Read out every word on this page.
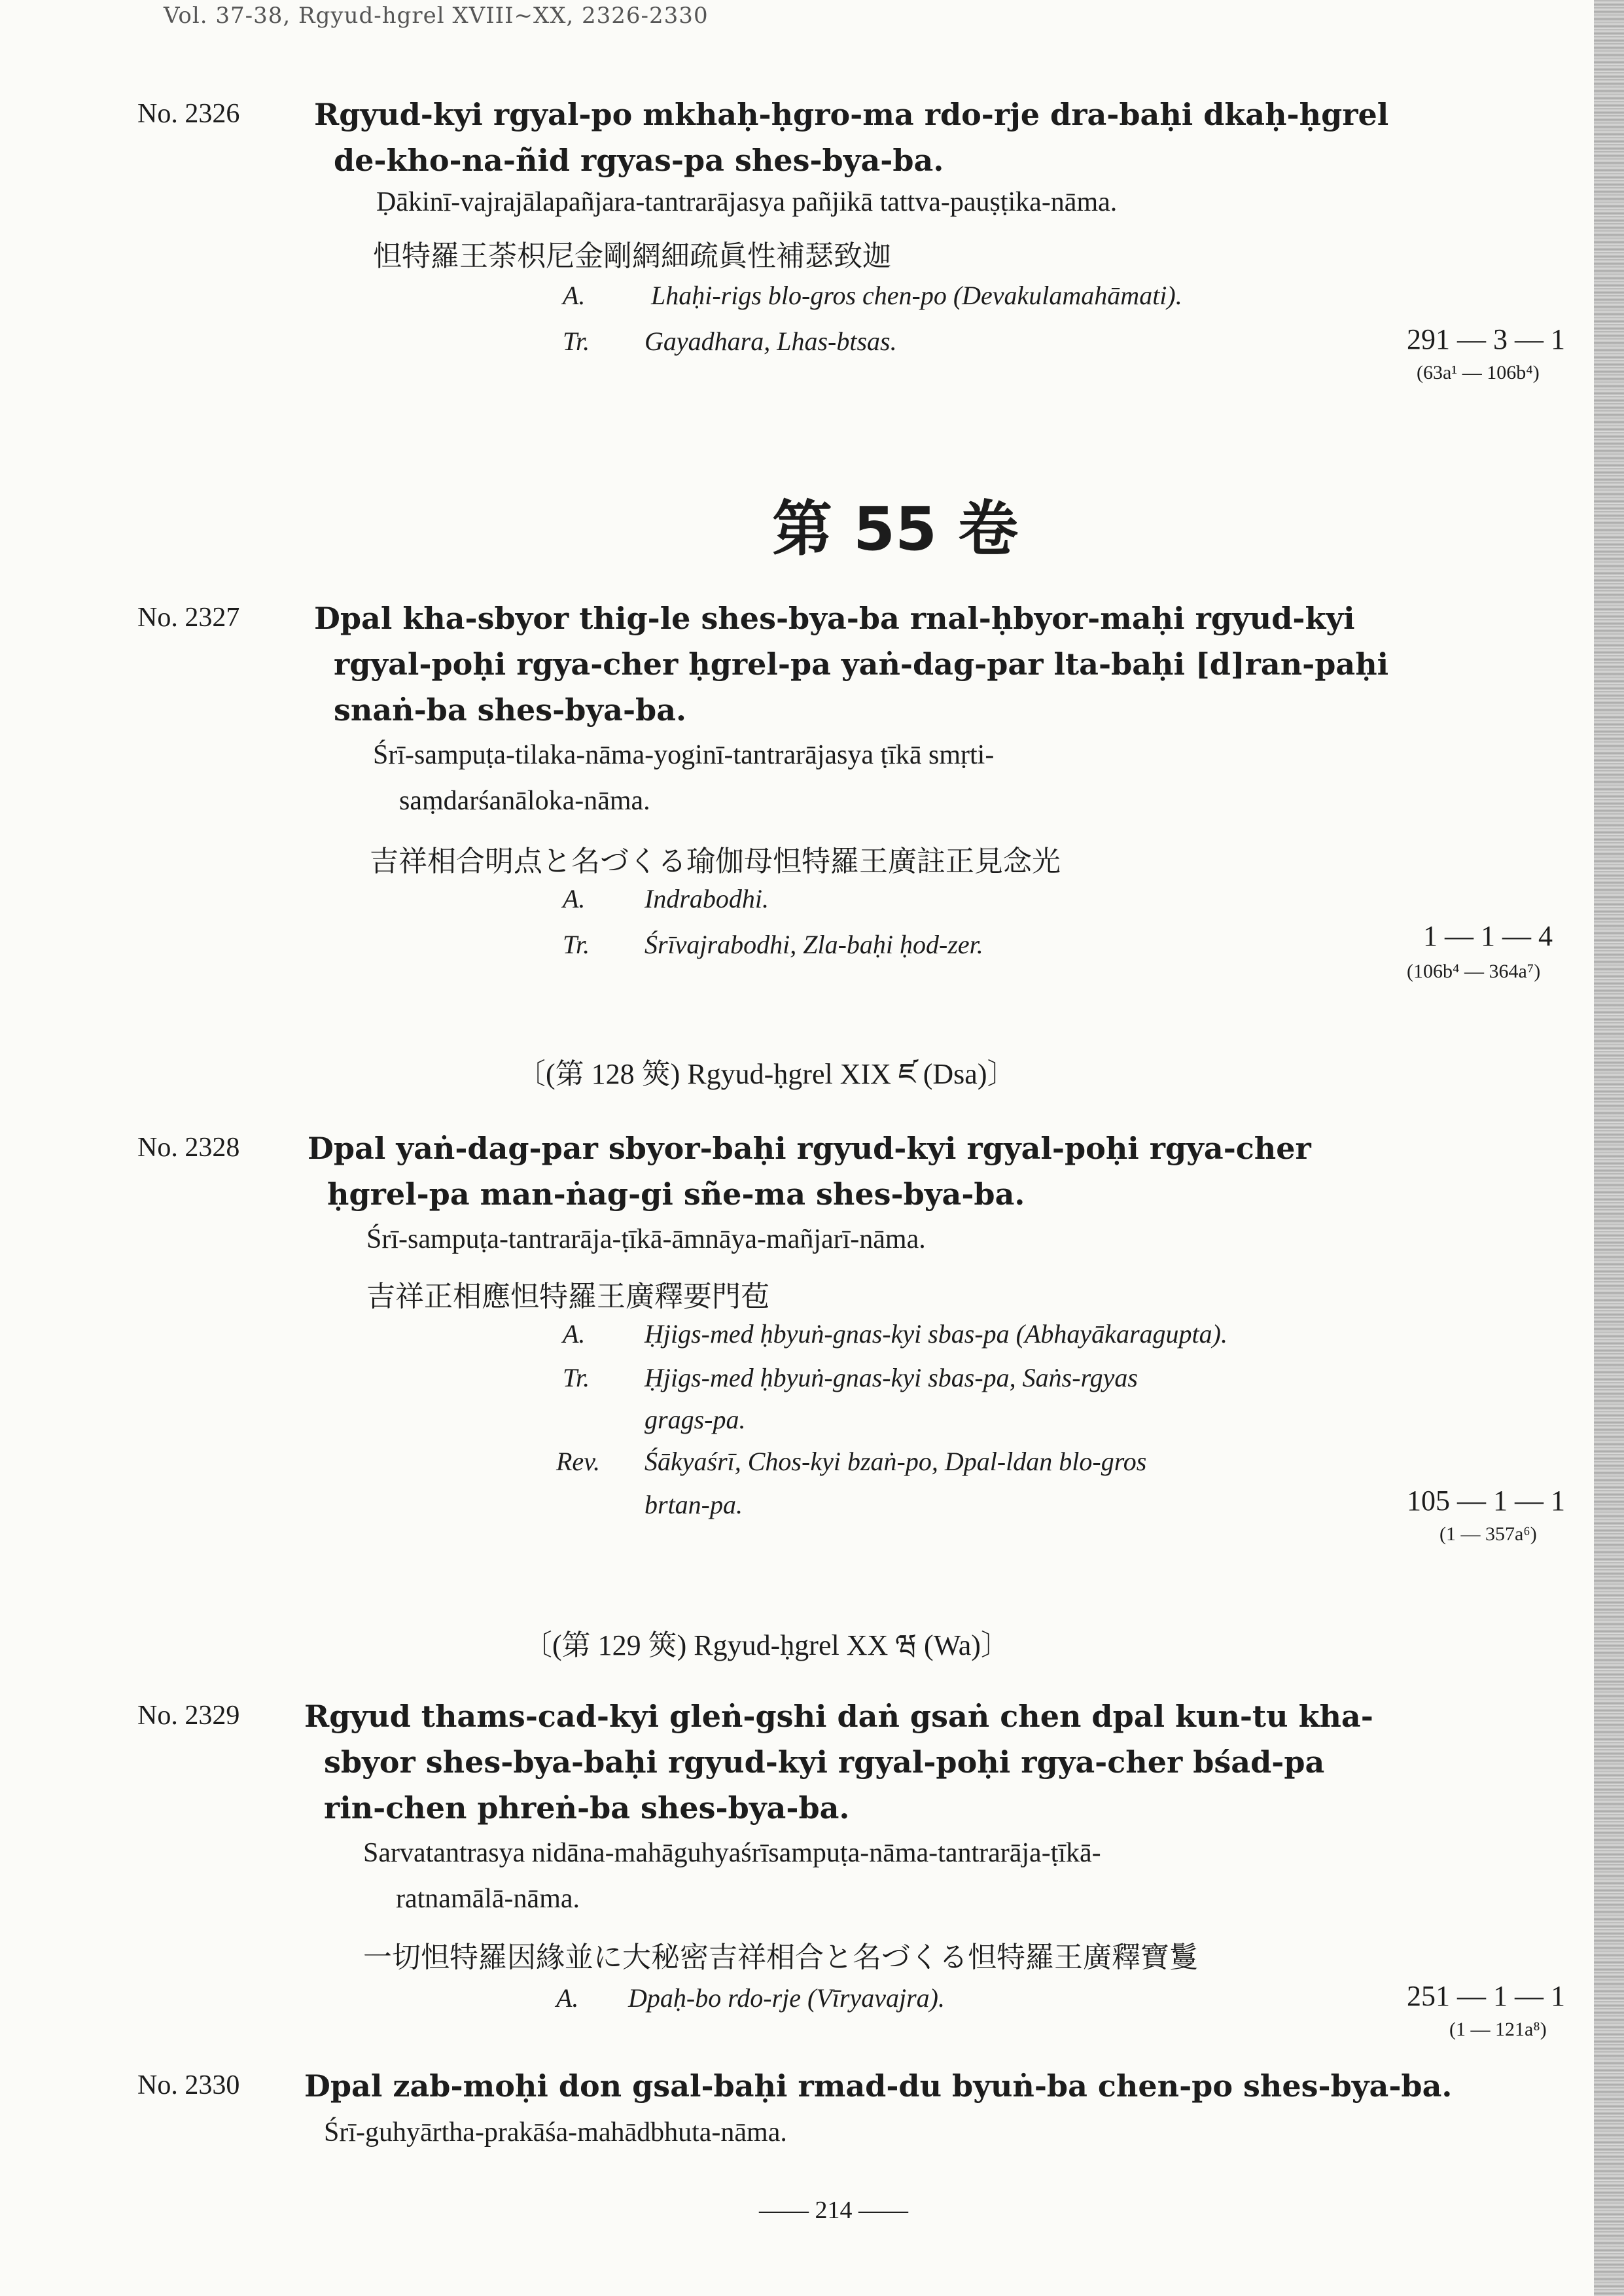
Vol. 37-38, Rgyud-hgrel XVIII~XX, 2326-2330
No. 2326 Rgyud-kyi rgyal-po mkhaḥ-ḥgro-ma rdo-rje dra-baḥi dkaḥ-ḥgrel
de-kho-na-ñid rgyas-pa shes-bya-ba.
Ḍākinī-vajrajālapañjara-tantrarājasya pañjikā tattva-pauṣṭika-nāma.
怛特羅王荼枳尼金剛網細疏眞性補瑟致迦
A.	Lhaḥi-rigs blo-gros chen-po (Devakulamahāmati).
Tr. Gayadhara, Lhas-btsas.	291 — 3 — 1
(63a¹ — 106b⁴)
第 55 卷
No. 2327 Dpal kha-sbyor thig-le shes-bya-ba rnal-ḥbyor-maḥi rgyud-kyi
rgyal-poḥi rgya-cher ḥgrel-pa yaṅ-dag-par lta-baḥi [d]ran-paḥi
snaṅ-ba shes-bya-ba.
Śrī-sampuṭa-tilaka-nāma-yoginī-tantrarājasya ṭīkā smṛti-
saṃdarśanāloka-nāma.
吉祥相合明点と名づくる瑜伽母怛特羅王廣註正見念光
A. Indrabodhi.
Tr. Śrīvajrabodhi, Zla-baḥi ḥod-zer.	1 — 1 — 4
(106b⁴ — 364a⁷)
〔(第 128 筴) Rgyud-ḥgrel XIX ཛ (Dsa)〕
No. 2328 Dpal yaṅ-dag-par sbyor-baḥi rgyud-kyi rgyal-poḥi rgya-cher
ḥgrel-pa man-ṅag-gi sñe-ma shes-bya-ba.
Śrī-sampuṭa-tantrarāja-ṭīkā-āmnāya-mañjarī-nāma.
吉祥正相應怛特羅王廣釋要門苞
A. Ḥjigs-med ḥbyuṅ-gnas-kyi sbas-pa (Abhayākaragupta).
Tr. Ḥjigs-med ḥbyuṅ-gnas-kyi sbas-pa, Saṅs-rgyas
grags-pa.
Rev. Śākyaśrī, Chos-kyi bzaṅ-po, Dpal-ldan blo-gros
brtan-pa.	105 — 1 — 1
(1 — 357a⁶)
〔(第 129 筴) Rgyud-ḥgrel XX ཝ (Wa)〕
No. 2329 Rgyud thams-cad-kyi gleṅ-gshi daṅ gsaṅ chen dpal kun-tu kha-
sbyor shes-bya-baḥi rgyud-kyi rgyal-poḥi rgya-cher bśad-pa
rin-chen phreṅ-ba shes-bya-ba.
Sarvatantrasya nidāna-mahāguhyaśrīsampuṭa-nāma-tantrarāja-ṭīkā-
ratnamālā-nāma.
一切怛特羅因緣並に大秘密吉祥相合と名づくる怛特羅王廣釋寶鬘
A. Dpaḥ-bo rdo-rje (Vīryavajra).	251 — 1 — 1
(1 — 121a⁸)
No. 2330 Dpal zab-moḥi don gsal-baḥi rmad-du byuṅ-ba chen-po shes-bya-ba.
Śrī-guhyārtha-prakāśa-mahādbhuta-nāma.
—— 214 ——
